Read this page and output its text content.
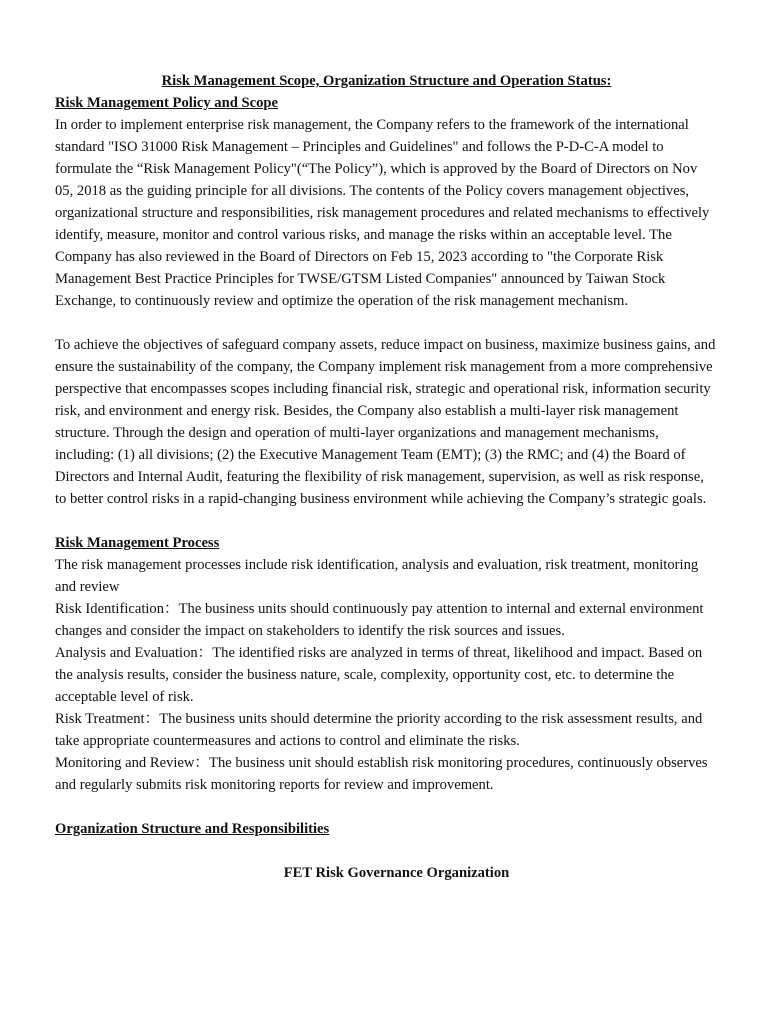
Risk Management Scope, Organization Structure and Operation Status:

Risk Management Policy and Scope

In order to implement enterprise risk management, the Company refers to the framework of the international standard "ISO 31000 Risk Management – Principles and Guidelines" and follows the P-D-C-A model to formulate the “Risk Management Policy"(“The Policy”), which is approved by the Board of Directors on Nov 05, 2018 as the guiding principle for all divisions. The contents of the Policy covers management objectives, organizational structure and responsibilities, risk management procedures and related mechanisms to effectively identify, measure, monitor and control various risks, and manage the risks within an acceptable level. The Company has also reviewed in the Board of Directors on Feb 15, 2023 according to "the Corporate Risk Management Best Practice Principles for TWSE/GTSM Listed Companies" announced by Taiwan Stock Exchange, to continuously review and optimize the operation of the risk management mechanism.

To achieve the objectives of safeguard company assets, reduce impact on business, maximize business gains, and ensure the sustainability of the company, the Company implement risk management from a more comprehensive perspective that encompasses scopes including financial risk, strategic and operational risk, information security risk, and environment and energy risk. Besides, the Company also establish a multi-layer risk management structure. Through the design and operation of multi-layer organizations and management mechanisms, including: (1) all divisions; (2) the Executive Management Team (EMT); (3) the RMC; and (4) the Board of Directors and Internal Audit, featuring the flexibility of risk management, supervision, as well as risk response, to better control risks in a rapid-changing business environment while achieving the Company’s strategic goals.

Risk Management Process

The risk management processes include risk identification, analysis and evaluation, risk treatment, monitoring and review

Risk Identification：The business units should continuously pay attention to internal and external environment changes and consider the impact on stakeholders to identify the risk sources and issues.

Analysis and Evaluation：The identified risks are analyzed in terms of threat, likelihood and impact. Based on the analysis results, consider the business nature, scale, complexity, opportunity cost, etc. to determine the acceptable level of risk.

Risk Treatment：The business units should determine the priority according to the risk assessment results, and take appropriate countermeasures and actions to control and eliminate the risks.

Monitoring and Review：The business unit should establish risk monitoring procedures, continuously observes and regularly submits risk monitoring reports for review and improvement.

Organization Structure and Responsibilities

FET Risk Governance Organization
